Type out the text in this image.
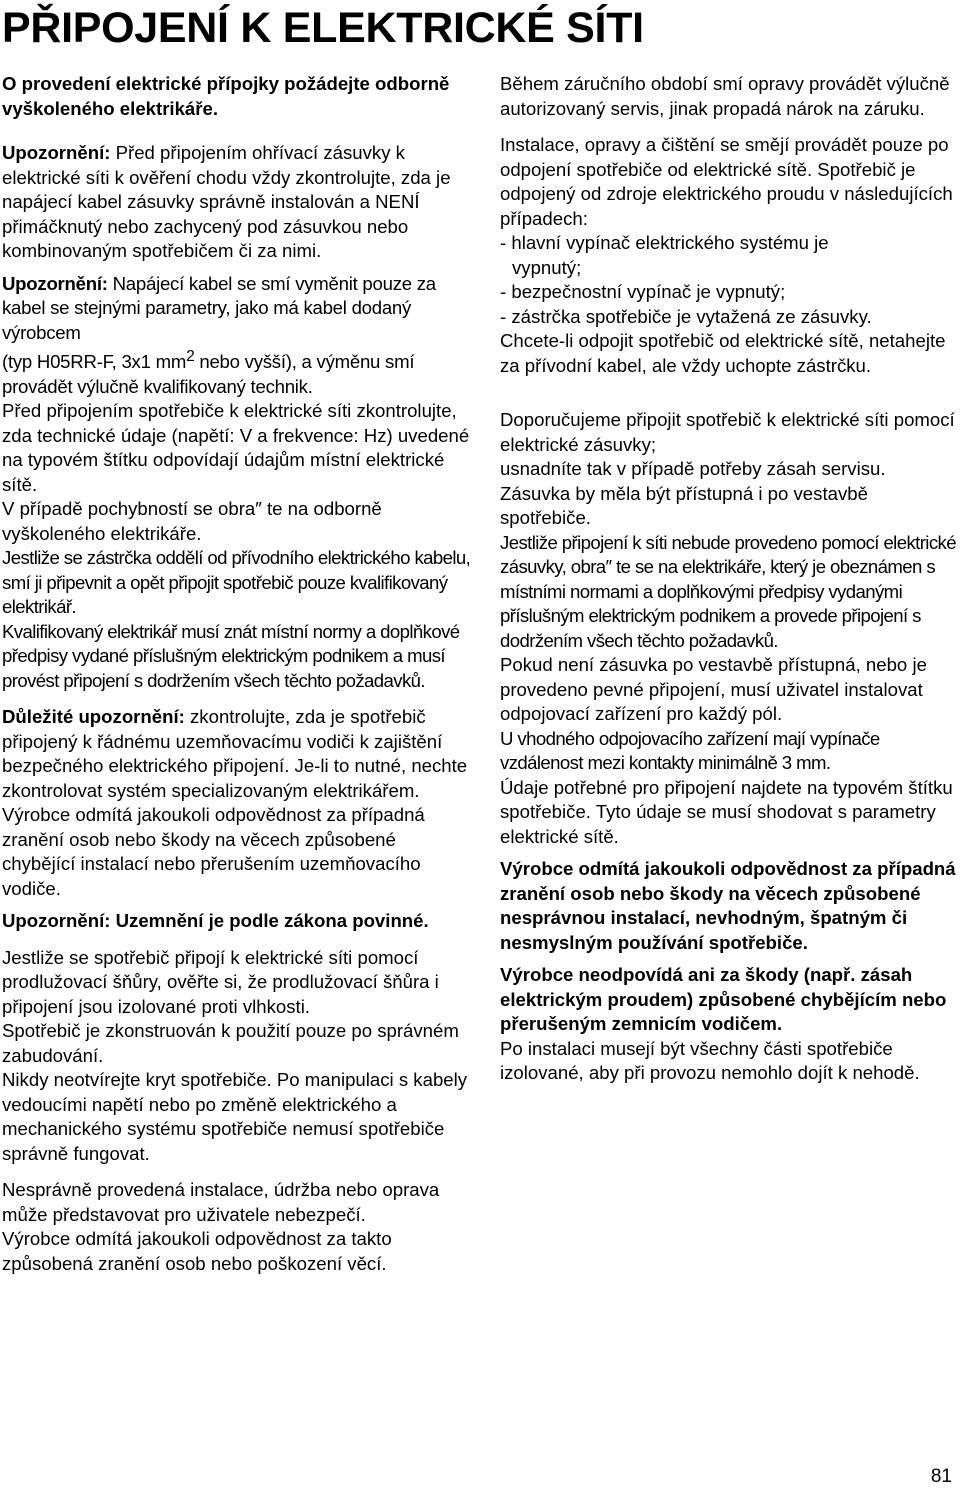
PŘIPOJENÍ K ELEKTRICKÉ SÍTI

O provedení elektrické přípojky požádejte odborně vyškoleného elektrikáře.

Upozornění: Před připojením ohřívací zásuvky k elektrické síti k ověření chodu vždy zkontrolujte, zda je napájecí kabel zásuvky správně instalován a NENÍ přimáčknutý nebo zachycený pod zásuvkou nebo kombinovaným spotřebičem či za nimi.

Upozornění: Napájecí kabel se smí vyměnit pouze za kabel se stejnými parametry, jako má kabel dodaný výrobcem
(typ H05RR-F, 3x1 $mm^2$ nebo vyšší), a výměnu smí provádět výlučně kvalifikovaný technik.

Před připojením spotřebiče k elektrické síti zkontrolujte, zda technické údaje (napětí: V a frekvence: Hz) uvedené na typovém štítku odpovídají údajům místní elektrické sítě.

V případě pochybností se obra″ te na odborně vyškoleného elektrikáře.

Jestliže se zástrčka oddělí od přívodního elektrického kabelu, smí ji připevnit a opět připojit spotřebič pouze kvalifikovaný elektrikář.

Kvalifikovaný elektrikář musí znát místní normy a doplňkové předpisy vydané příslušným elektrickým podnikem a musí provést připojení s dodržením všech těchto požadavků.

Důležité upozornění: zkontrolujte, zda je spotřebič připojený k řádnému uzemňovacímu vodiči k zajištění bezpečného elektrického připojení. Je-li to nutné, nechte zkontrolovat systém specializovaným elektrikářem.

Výrobce odmítá jakoukoli odpovědnost za případná zranění osob nebo škody na věcech způsobené chybějící instalací nebo přerušením uzemňovacího vodiče.

Upozornění: Uzemnění je podle zákona povinné.

Jestliže se spotřebič připojí k elektrické síti pomocí prodlužovací šňůry, ověřte si, že prodlužovací šňůra i připojení jsou izolované proti vlhkosti.

Spotřebič je zkonstruován k použití pouze po správném zabudování.

Nikdy neotvírejte kryt spotřebiče. Po manipulaci s kabely vedoucími napětí nebo po změně elektrického a mechanického systému spotřebiče nemusí spotřebiče správně fungovat.

Nesprávně provedená instalace, údržba nebo oprava může představovat pro uživatele nebezpečí.

Výrobce odmítá jakoukoli odpovědnost za takto způsobená zranění osob nebo poškození věcí.

Během záručního období smí opravy provádět výlučně autorizovaný servis, jinak propadá nárok na záruku.

Instalace, opravy a čištění se smějí provádět pouze po odpojení spotřebiče od elektrické sítě. Spotřebič je odpojený od zdroje elektrického proudu v následujících případech:

- hlavní vypínač elektrického systému je
vypnutý;
- bezpečnostní vypínač je vypnutý;
- zástrčka spotřebiče je vytažená ze zásuvky.

Chcete-li odpojit spotřebič od elektrické sítě, netahejte za přívodní kabel, ale vždy uchopte zástrčku.

Doporučujeme připojit spotřebič k elektrické síti pomocí elektrické zásuvky;

usnadníte tak v případě potřeby zásah servisu.

Zásuvka by měla být přístupná i po vestavbě spotřebiče.

Jestliže připojení k síti nebude provedeno pomocí elektrické zásuvky, obra″ te se na elektrikáře, který je obeznámen s místními normami a doplňkovými předpisy vydanými příslušným elektrickým podnikem a provede připojení s dodržením všech těchto požadavků.

Pokud není zásuvka po vestavbě přístupná, nebo je provedeno pevné připojení, musí uživatel instalovat odpojovací zařízení pro každý pól.

U vhodného odpojovacího zařízení mají vypínače vzdálenost mezi kontakty minimálně 3 mm.

Údaje potřebné pro připojení najdete na typovém štítku spotřebiče. Tyto údaje se musí shodovat s parametry elektrické sítě.

Výrobce odmítá jakoukoli odpovědnost za případná zranění osob nebo škody na věcech způsobené nesprávnou instalací, nevhodným, špatným či nesmyslným používání spotřebiče.

Výrobce neodpovídá ani za škody (např. zásah elektrickým proudem) způsobené chybějícím nebo přerušeným zemnicím vodičem.

Po instalaci musejí být všechny části spotřebiče izolované, aby při provozu nemohlo dojít k nehodě.

81
